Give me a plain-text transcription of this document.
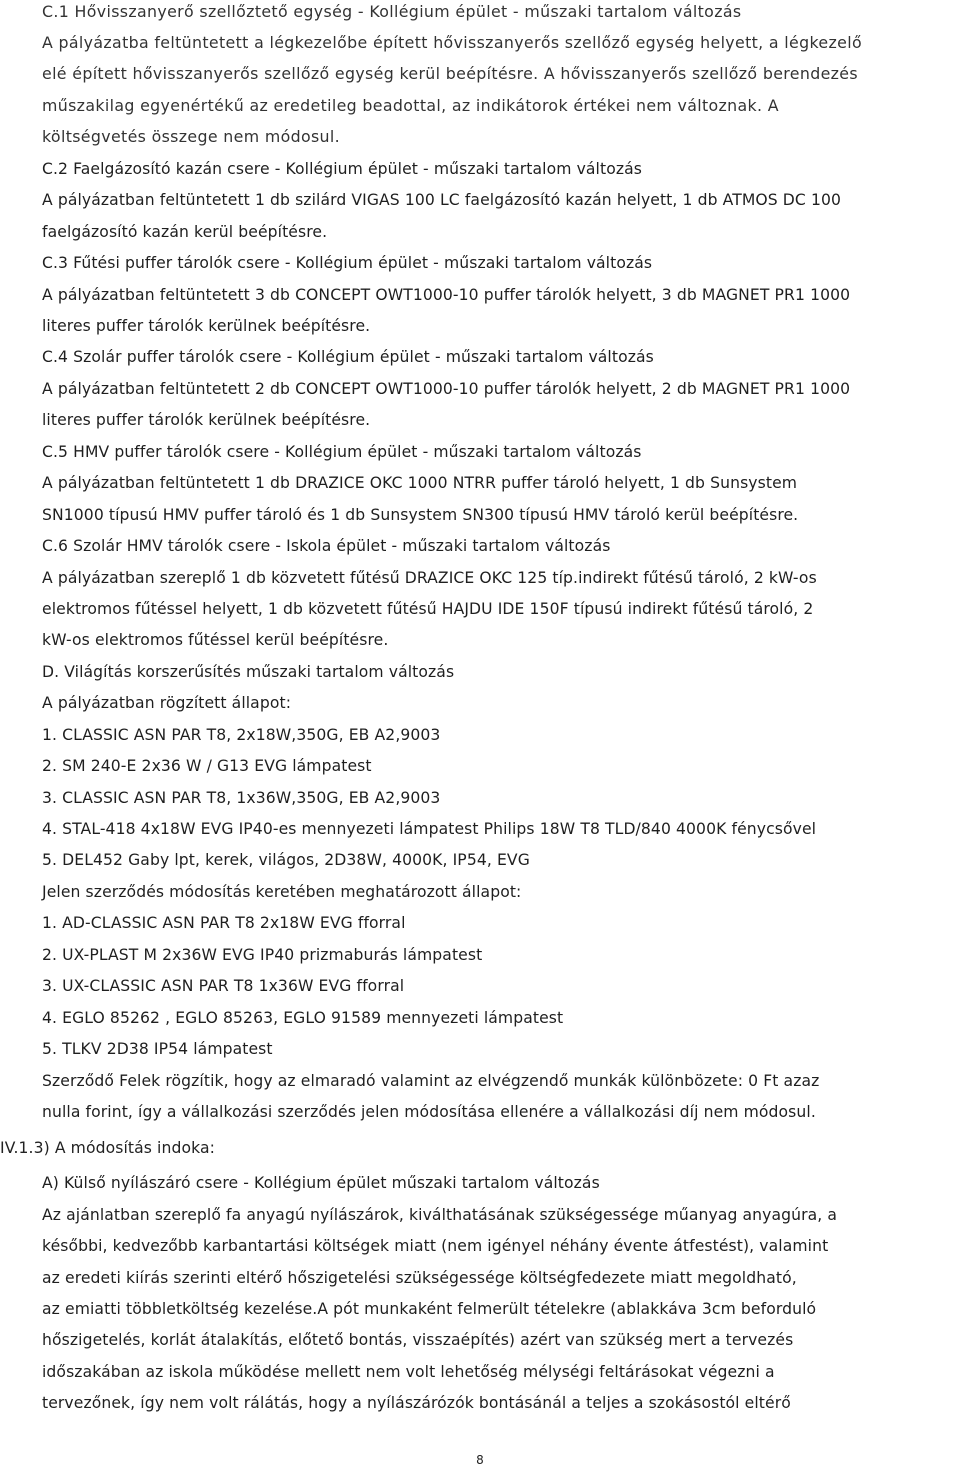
C.1 Hővisszanyerő szellőztető egység - Kollégium épület - műszaki tartalom változás
A pályázatba feltüntetett a légkezelőbe épített hővisszanyerős szellőző egység helyett, a légkezelő
elé épített hővisszanyerős szellőző egység kerül beépítésre. A hővisszanyerős szellőző berendezés
műszakilag egyenértékű az eredetileg beadottal, az indikátorok értékei nem változnak. A
költségvetés összege nem módosul.
C.2 Faelgázosító kazán csere - Kollégium épület - műszaki tartalom változás
A pályázatban feltüntetett 1 db szilárd VIGAS 100 LC faelgázosító kazán helyett, 1 db ATMOS DC 100
faelgázosító kazán kerül beépítésre.
C.3 Fűtési puffer tárolók csere - Kollégium épület - műszaki tartalom változás
A pályázatban feltüntetett 3 db CONCEPT OWT1000-10 puffer tárolók helyett, 3 db MAGNET PR1 1000
literes puffer tárolók kerülnek beépítésre.
C.4 Szolár puffer tárolók csere - Kollégium épület - műszaki tartalom változás
A pályázatban feltüntetett 2 db CONCEPT OWT1000-10 puffer tárolók helyett, 2 db MAGNET PR1 1000
literes puffer tárolók kerülnek beépítésre.
C.5 HMV puffer tárolók csere - Kollégium épület - műszaki tartalom változás
A pályázatban feltüntetett 1 db DRAZICE OKC 1000 NTRR puffer tároló helyett, 1 db Sunsystem
SN1000 típusú HMV puffer tároló és 1 db Sunsystem SN300 típusú HMV tároló kerül beépítésre.
C.6 Szolár HMV tárolók csere - Iskola épület - műszaki tartalom változás
A pályázatban szereplő 1 db közvetett fűtésű DRAZICE OKC 125 típ.indirekt fűtésű tároló, 2 kW-os
elektromos fűtéssel helyett, 1 db közvetett fűtésű HAJDU IDE 150F típusú indirekt fűtésű tároló, 2
kW-os elektromos fűtéssel kerül beépítésre.
D. Világítás korszerűsítés műszaki tartalom változás
A pályázatban rögzített állapot:
1. CLASSIC ASN PAR T8, 2x18W,350G, EB A2,9003
2. SM 240-E 2x36 W / G13 EVG lámpatest
3. CLASSIC ASN PAR T8, 1x36W,350G, EB A2,9003
4. STAL-418 4x18W EVG IP40-es mennyezeti lámpatest Philips 18W T8 TLD/840 4000K fénycsővel
5. DEL452 Gaby lpt, kerek, világos, 2D38W, 4000K, IP54, EVG
Jelen szerződés módosítás keretében meghatározott állapot:
1. AD-CLASSIC ASN PAR T8 2x18W EVG fforral
2. UX-PLAST M 2x36W EVG IP40 prizmaburás lámpatest
3. UX-CLASSIC ASN PAR T8 1x36W EVG fforral
4. EGLO 85262 , EGLO 85263, EGLO 91589 mennyezeti lámpatest
5. TLKV 2D38 IP54 lámpatest
Szerződő Felek rögzítik, hogy az elmaradó valamint az elvégzendő munkák különbözete: 0 Ft azaz
nulla forint, így a vállalkozási szerződés jelen módosítása ellenére a vállalkozási díj nem módosul.
IV.1.3) A módosítás indoka:
A) Külső nyílászáró csere - Kollégium épület műszaki tartalom változás
Az ajánlatban szereplő fa anyagú nyílászárok, kiválthatásának szükségessége műanyag anyagúra, a
későbbi, kedvezőbb karbantartási költségek miatt (nem igényel néhány évente átfestést), valamint
az eredeti kiírás szerinti eltérő hőszigetelési szükségessége költségfedezete miatt megoldható,
az emiatti többletköltség kezelése.A pót munkaként felmerült tételekre (ablakkáva 3cm beforduló
hőszigetelés, korlát átalakítás, előtető bontás, visszaépítés) azért van szükség mert a tervezés
időszakában az iskola működése mellett nem volt lehetőség mélységi feltárásokat végezni a
tervezőnek, így nem volt rálátás, hogy a nyílászárózók bontásánál a teljes a szokásostól eltérő
8
